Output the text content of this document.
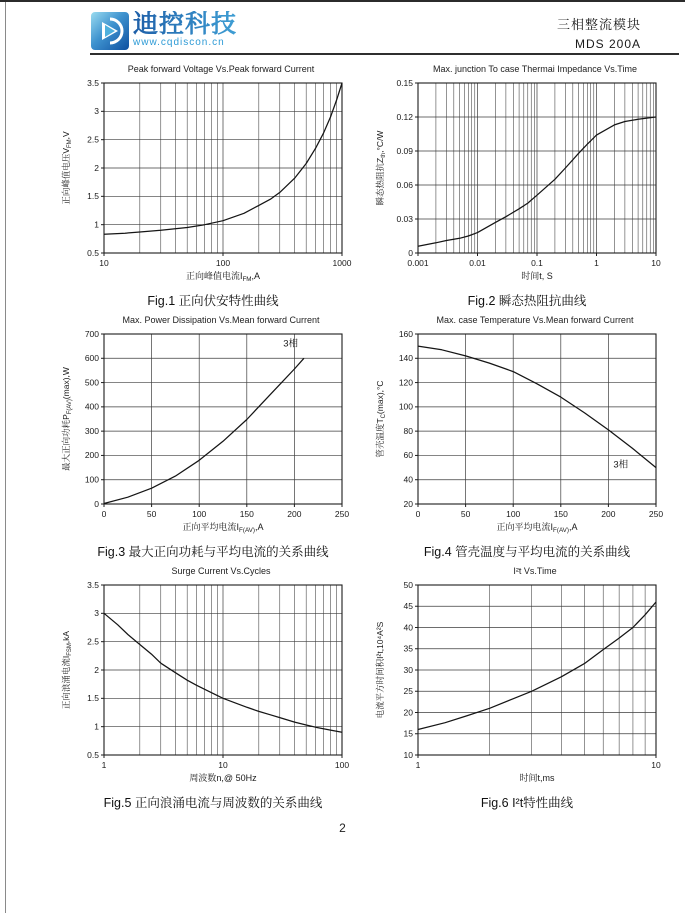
迪控科技
www.cqdiscon.cn
三相整流模块
MDS 200A
Peak forward Voltage Vs.Peak forward Current
0.5
1
1.5
2
2.5
3
3.5
10	100	1000
正向峰值电流$I_{FM},A$
正向峰值电压$V_{FM},V$
Fig.1 正向伏安特性曲线
Max. junction To case Thermai Impedance Vs.Time
0
0.03
0.06
0.09
0.12
0.15
0.001	0.01	0.1	1	10
时间t, S
瞬态热阻抗$Z_{th},^\circ C/W$
Fig.2 瞬态热阻抗曲线
Max. Power Dissipation Vs.Mean forward Current
0
100
200
300
400
500
600
700
0	50	100	150	200	250
正向平均电流$I_{F(AV)},A$
最大正向功耗$P_{F(AV)}(\max),W$
3相
Fig.3 最大正向功耗与平均电流的关系曲线
Max. case Temperature Vs.Mean forward Current
20
40
60
80
100
120
140
160
0	50	100	150	200	250
正向平均电流$I_{F(AV)},A$
管壳温度$T_C(\max),^\circ C$
3相
Fig.4 管壳温度与平均电流的关系曲线
Surge Current Vs.Cycles
0.5
1
1.5
2
2.5
3
3.5
1	10	100
周波数n,@ 50Hz
正向浪涌电流$I_{FSM},kA$
Fig.5 正向浪涌电流与周波数的关系曲线
I²t Vs.Time
10
15
20
25
30
35
40
45
50
1	10
时间t,ms
电流平方时间积I²t,10⁴A²S
Fig.6 I²t特性曲线
2
